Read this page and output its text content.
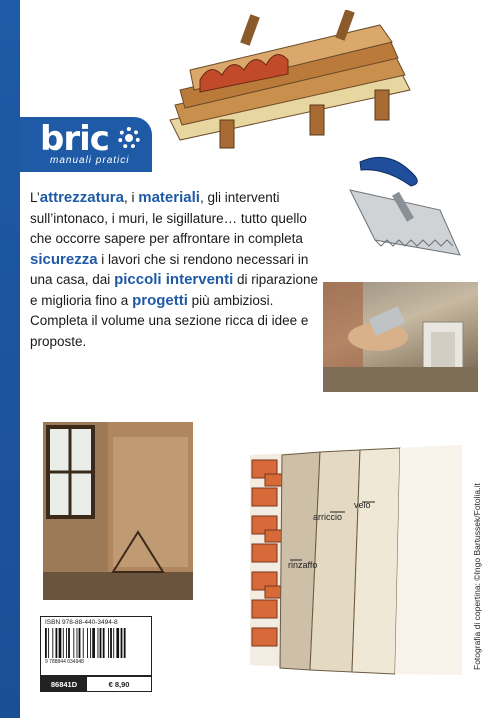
bric
manuali pratici
L’attrezzatura, i materiali, gli interventi sull’intonaco, i muri, le sigillature… tutto quello che occorre sapere per affrontare in completa sicurezza i lavori che si rendono necessari in una casa, dai piccoli interventi di riparazione e miglioria fino a progetti più ambiziosi. Completa il volume una sezione ricca di idee e proposte.
rinzaffo
arriccio
velo	Fotografia di copertina: ©Ingo Bartussek/Fotolia.it
ISBN 978-88-440-3494-8
9 788844 034948
86841D	€ 8,90
